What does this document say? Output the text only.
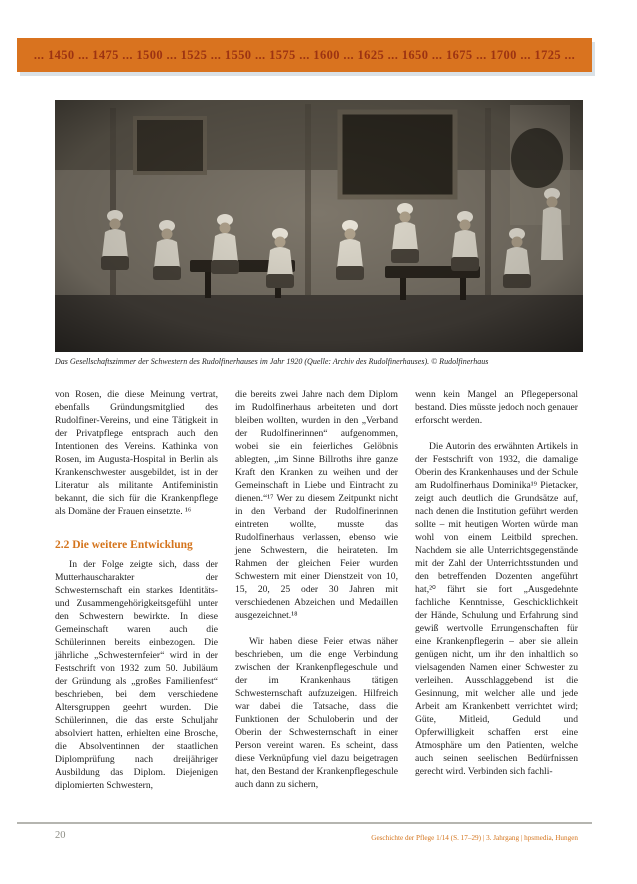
... 1450 ... 1475 ... 1500 ... 1525 ... 1550 ... 1575 ... 1600 ... 1625 ... 1650 ... 1675 ... 1700 ... 1725 ...
Das Gesellschaftszimmer der Schwestern des Rudolfinerhauses im Jahr 1920 (Quelle: Archiv des Rudolfinerhauses). © Rudolfinerhaus

von Rosen, die diese Meinung vertrat, ebenfalls Gründungsmitglied des Rudolfiner-Vereins, und eine Tätigkeit in der Privatpflege entsprach auch den Intentionen des Vereins. Kathinka von Rosen, im Augusta-Hospital in Berlin als Krankenschwester ausgebildet, ist in der Literatur als militante Antifeministin bekannt, die sich für die Krankenpflege als Domäne der Frauen einsetzte. ¹⁶

2.2 Die weitere Entwicklung

In der Folge zeigte sich, dass der Mutterhauscharakter der Schwesternschaft ein starkes Identitäts- und Zusammengehörigkeitsgefühl unter den Schwestern bewirkte. In diese Gemeinschaft waren auch die Schülerinnen bereits einbezogen. Die jährliche „Schwesternfeier“ wird in der Festschrift von 1932 zum 50. Jubiläum der Gründung als „großes Familienfest“ beschrieben, bei dem verschiedene Altersgruppen geehrt wurden. Die Schülerinnen, die das erste Schuljahr absolviert hatten, erhielten eine Brosche, die Absolventinnen der staatlichen Diplomprüfung nach dreijähriger Ausbildung das Diplom. Diejenigen diplomierten Schwestern,

die bereits zwei Jahre nach dem Diplom im Rudolfinerhaus arbeiteten und dort bleiben wollten, wurden in den „Verband der Rudolfinerinnen“ aufgenommen, wobei sie ein feierliches Gelöbnis ablegten, „im Sinne Billroths ihre ganze Kraft den Kranken zu weihen und der Gemeinschaft in Liebe und Eintracht zu dienen.“¹⁷ Wer zu diesem Zeitpunkt nicht in den Verband der Rudolfinerinnen eintreten wollte, musste das Rudolfinerhaus verlassen, ebenso wie jene Schwestern, die heirateten. Im Rahmen der gleichen Feier wurden Schwestern mit einer Dienstzeit von 10, 15, 20, 25 oder 30 Jahren mit verschiedenen Abzeichen und Medaillen ausgezeichnet.¹⁸

Wir haben diese Feier etwas näher beschrieben, um die enge Verbindung zwischen der Krankenpflegeschule und der im Krankenhaus tätigen Schwesternschaft aufzuzeigen. Hilfreich war dabei die Tatsache, dass die Funktionen der Schuloberin und der Oberin der Schwesternschaft in einer Person vereint waren. Es scheint, dass diese Verknüpfung viel dazu beigetragen hat, den Bestand der Krankenpflegeschule auch dann zu sichern,

wenn kein Mangel an Pflegepersonal bestand. Dies müsste jedoch noch genauer erforscht werden.

Die Autorin des erwähnten Artikels in der Festschrift von 1932, die damalige Oberin des Krankenhauses und der Schule am Rudolfinerhaus Dominika¹⁹ Pietacker, zeigt auch deutlich die Grundsätze auf, nach denen die Institution geführt werden sollte – mit heutigen Worten würde man wohl von einem Leitbild sprechen. Nachdem sie alle Unterrichtsgegenstände mit der Zahl der Unterrichtsstunden und den betreffenden Dozenten angeführt hat,²⁰ fährt sie fort „Ausgedehnte fachliche Kenntnisse, Geschicklichkeit der Hände, Schulung und Erfahrung sind gewiß wertvolle Errungenschaften für eine Krankenpflegerin – aber sie allein genügen nicht, um ihr den inhaltlich so vielsagenden Namen einer Schwester zu verleihen. Ausschlaggebend ist die Gesinnung, mit welcher alle und jede Arbeit am Krankenbett verrichtet wird; Güte, Mitleid, Geduld und Opferwilligkeit schaffen erst eine Atmosphäre um den Patienten, welche auch seinen seelischen Bedürfnissen gerecht wird. Verbinden sich fachli-

20	Geschichte der Pflege 1/14 (S. 17–29) | 3. Jahrgang | hpsmedia, Hungen
